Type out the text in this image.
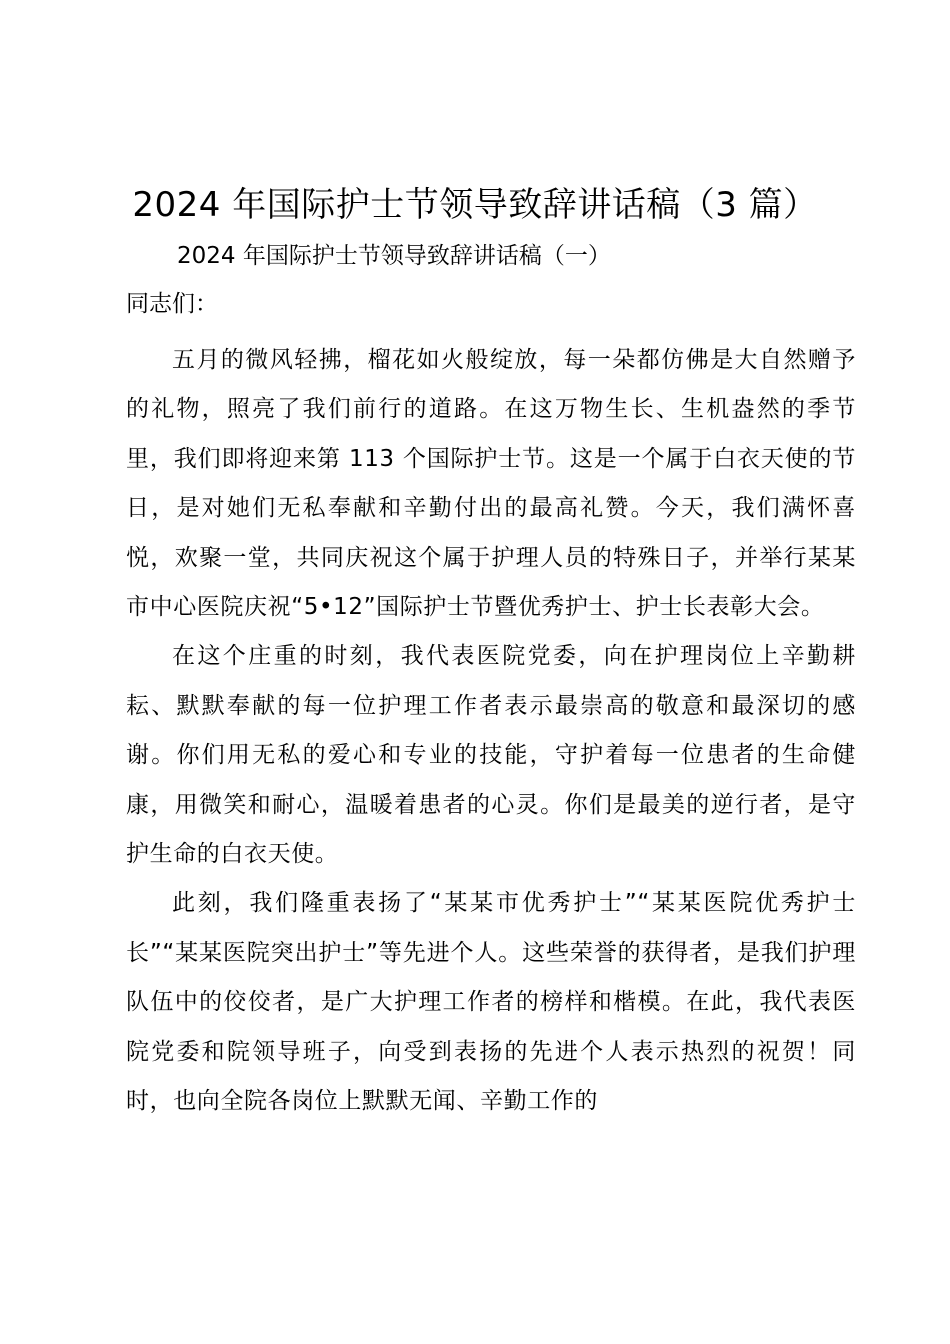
2024 年国际护士节领导致辞讲话稿（3 篇）

2024 年国际护士节领导致辞讲话稿（一）

同志们：

五月的微风轻拂，榴花如火般绽放，每一朵都仿佛是大自然赠予的礼物，照亮了我们前行的道路。在这万物生长、生机盎然的季节里，我们即将迎来第 113 个国际护士节。这是一个属于白衣天使的节日，是对她们无私奉献和辛勤付出的最高礼赞。今天，我们满怀喜悦，欢聚一堂，共同庆祝这个属于护理人员的特殊日子，并举行某某市中心医院庆祝“5•12”国际护士节暨优秀护士、护士长表彰大会。

在这个庄重的时刻，我代表医院党委，向在护理岗位上辛勤耕耘、默默奉献的每一位护理工作者表示最崇高的敬意和最深切的感谢。你们用无私的爱心和专业的技能，守护着每一位患者的生命健康，用微笑和耐心，温暖着患者的心灵。你们是最美的逆行者，是守护生命的白衣天使。

此刻，我们隆重表扬了“某某市优秀护士”“某某医院优秀护士长”“某某医院突出护士”等先进个人。这些荣誉的获得者，是我们护理队伍中的佼佼者，是广大护理工作者的榜样和楷模。在此，我代表医院党委和院领导班子，向受到表扬的先进个人表示热烈的祝贺！同时，也向全院各岗位上默默无闻、辛勤工作的
